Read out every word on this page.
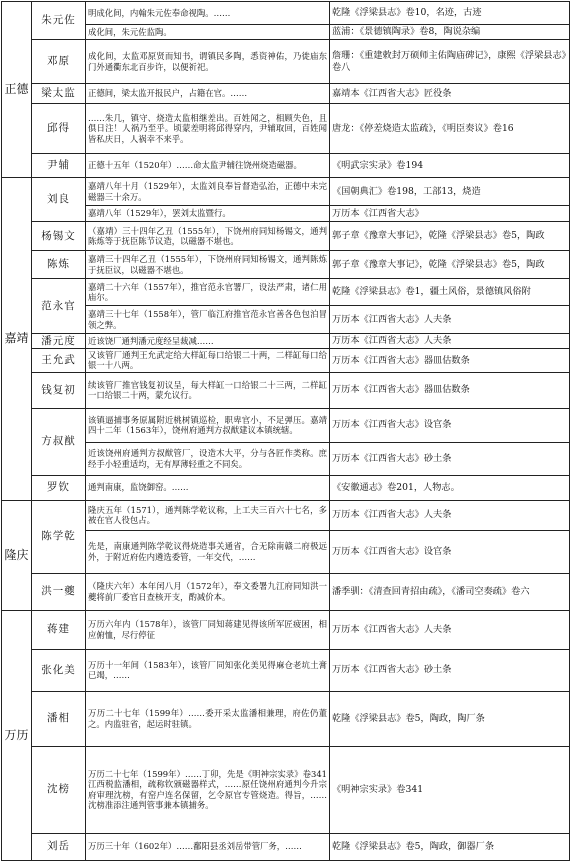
正德	朱元佐	明成化间，内翰朱元佐奉命视陶。……	乾隆《浮梁县志》卷10，名迹，古迹
		成化间，朱元佐监陶。	蓝浦：《景德镇陶录》卷8，陶说杂编
	邓原	成化间，太监邓原贤而知书，谓镇民多陶，悉资神佑，乃徙庙东门外通衢东北百步许，以便祈祀。	詹珊：《重建敕封万硕师主佑陶庙碑记》，康熙《浮梁县志》卷八
	梁太监	正德间，梁太监开报民户，占籍在官。……	嘉靖本《江西省大志》匠役条
	邱得	……朱几，镇守、烧造太监相继差出。百姓闻之，相顾失色，且俱日注！人祸乃至乎。顷蒙差明将邱得穿内，尹辅取回，百姓闻皆私庆日，人祸幸不来乎。	唐龙：《停差烧造太监疏》，《明臣奏议》卷16
	尹辅	正德十五年（1520年）……命太监尹辅往饶州烧造磁器。	《明武宗实录》卷194
嘉靖	刘良	嘉靖八年十月（1529年），太监刘良奉旨督造弘治，正德中未完磁器三十余万。	《国朝典汇》卷198，工部13，烧造
		嘉靖八年（1529年），罢刘太监暨行。	万历本《江西省大志》
	杨锡文	（嘉靖）三十四年乙丑（1555年），下饶州府同知杨锡文，通判陈炼等于抚臣陈节议造，以磁器不堪也。	郭子章《豫章大事记》，乾隆《浮梁县志》卷5，陶政
	陈炼	嘉靖三十四年乙丑（1555年），下饶州府同知杨锡文，通判陈炼于抚臣议，以磁器不堪也。	郭子章《豫章大事记》，乾隆《浮梁县志》卷5，陶政
	范永官	嘉靖二十六年（1557年），推官范永官署厂，设法严肃，诸仁用庙尔。	乾隆《浮梁县志》卷1，疆土风俗，景德镇风俗附
		嘉靖三十七年（1558年），管厂临江府推官范永官善各色包泊冒领之弊。	万历本《江西省大志》人夫条
	潘元度	近该饶厂通判潘元度经呈裁减……	万历本《江西省大志》人夫条
	王允武	又该管厂通判王允武定给大样缸每口给银二十两，二样缸每口给银一十八两。	万历本《江西省大志》器皿估数条
	钱复初	续该管厂推官钱复初议呈，每大样缸一口给银二十三两，二样缸一口给银二十两，蒙允议行。	万历本《江西省大志》器皿估数条
	方叔猷	该镇逼捕事务原属附近桃树镇巡检，职卑官小，不足弹压。嘉靖四十二年（1563年），饶州府通判方叔猷建议本镇统辖。	万历本《江西省大志》设官条
		近该饶州府通判方叔猷管厂，设造木大平，分与各匠作类称。庶经手小轻重适均，无有厚薄轻重之不同矣。	万历本《江西省大志》砂土条
	罗钦	通判南康，监饶御窑。……	《安徽通志》卷201，人物志。
隆庆	陈学乾	隆庆五年（1571），通判陈学乾议称，上工夫三百六十七名，多被在官人役包占。	万历本《江西省大志》人夫条
		先是，南康通判陈学乾议得烧造事关通省，合无除南赣二府极远外，于附近府佐内遴选委管，一年交代，……	万历本《江西省大志》设官条
	洪一夔	（隆庆六年）本年闰八月（1572年），奉文委署九江府同知洪一夔将前厂委官日查核开支，酌减价本。	潘季驯：《清查回青招由疏》，《潘司空奏疏》卷六
万历	蒋建	万历六年内（1578年），该管厂同知蒋建见得该所军匠疲困，相应俯恤，尽行停征	万历本《江西省大志》人夫条
	张化美	万历十一年间（1583年），该管厂同知张化美见得麻仓老坑土膏已竭，……	万历本《江西省大志》砂土条
	潘相	万历二十七年（1599年）……委开采太监潘相兼理，府佐仍董之。内监驻省，起运时驻镇。	乾隆《浮梁县志》卷5，陶政，陶厂条
	沈榜	万历二十七年（1599年）……丁卯，先是《明神宗实录》卷341江西税监潘相，疏称钦颁磁器样式，……原任饶州府通判今升宗府审理沈榜，有窑户连名保留，乞令原官专管烧造。得旨，……沈榜准添注通判管事兼本镇捕务。	《明神宗实录》卷341
	刘岳	万历三十年（1602年）……鄱阳县丞刘岳带管厂务，……	乾隆《浮梁县志》卷5，陶政，御器厂条
